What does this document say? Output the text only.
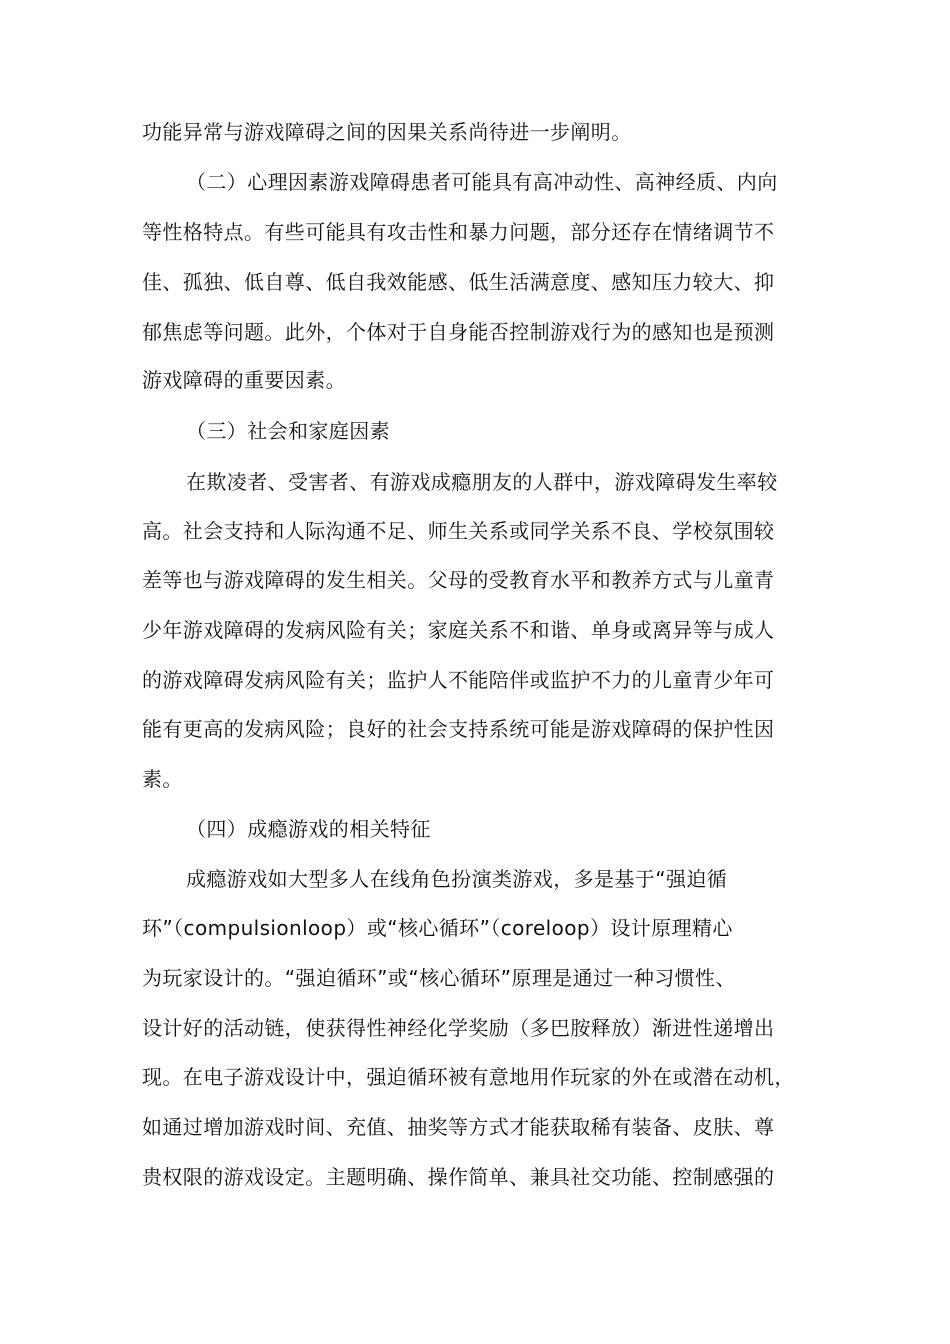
功能异常与游戏障碍之间的因果关系尚待进一步阐明。
（二）心理因素游戏障碍患者可能具有高冲动性、高神经质、内向
等性格特点。有些可能具有攻击性和暴力问题，部分还存在情绪调节不
佳、孤独、低自尊、低自我效能感、低生活满意度、感知压力较大、抑
郁焦虑等问题。此外，个体对于自身能否控制游戏行为的感知也是预测
游戏障碍的重要因素。
（三）社会和家庭因素
在欺凌者、受害者、有游戏成瘾朋友的人群中，游戏障碍发生率较
高。社会支持和人际沟通不足、师生关系或同学关系不良、学校氛围较
差等也与游戏障碍的发生相关。父母的受教育水平和教养方式与儿童青
少年游戏障碍的发病风险有关；家庭关系不和谐、单身或离异等与成人
的游戏障碍发病风险有关；监护人不能陪伴或监护不力的儿童青少年可
能有更高的发病风险；良好的社会支持系统可能是游戏障碍的保护性因
素。
（四）成瘾游戏的相关特征
成瘾游戏如大型多人在线角色扮演类游戏，多是基于“强迫循
环”（compulsionloop）或“核心循环”（coreloop）设计原理精心
为玩家设计的。“强迫循环”或“核心循环”原理是通过一种习惯性、
设计好的活动链，使获得性神经化学奖励（多巴胺释放）渐进性递增出
现。在电子游戏设计中，强迫循环被有意地用作玩家的外在或潜在动机，
如通过增加游戏时间、充值、抽奖等方式才能获取稀有装备、皮肤、尊
贵权限的游戏设定。主题明确、操作简单、兼具社交功能、控制感强的
